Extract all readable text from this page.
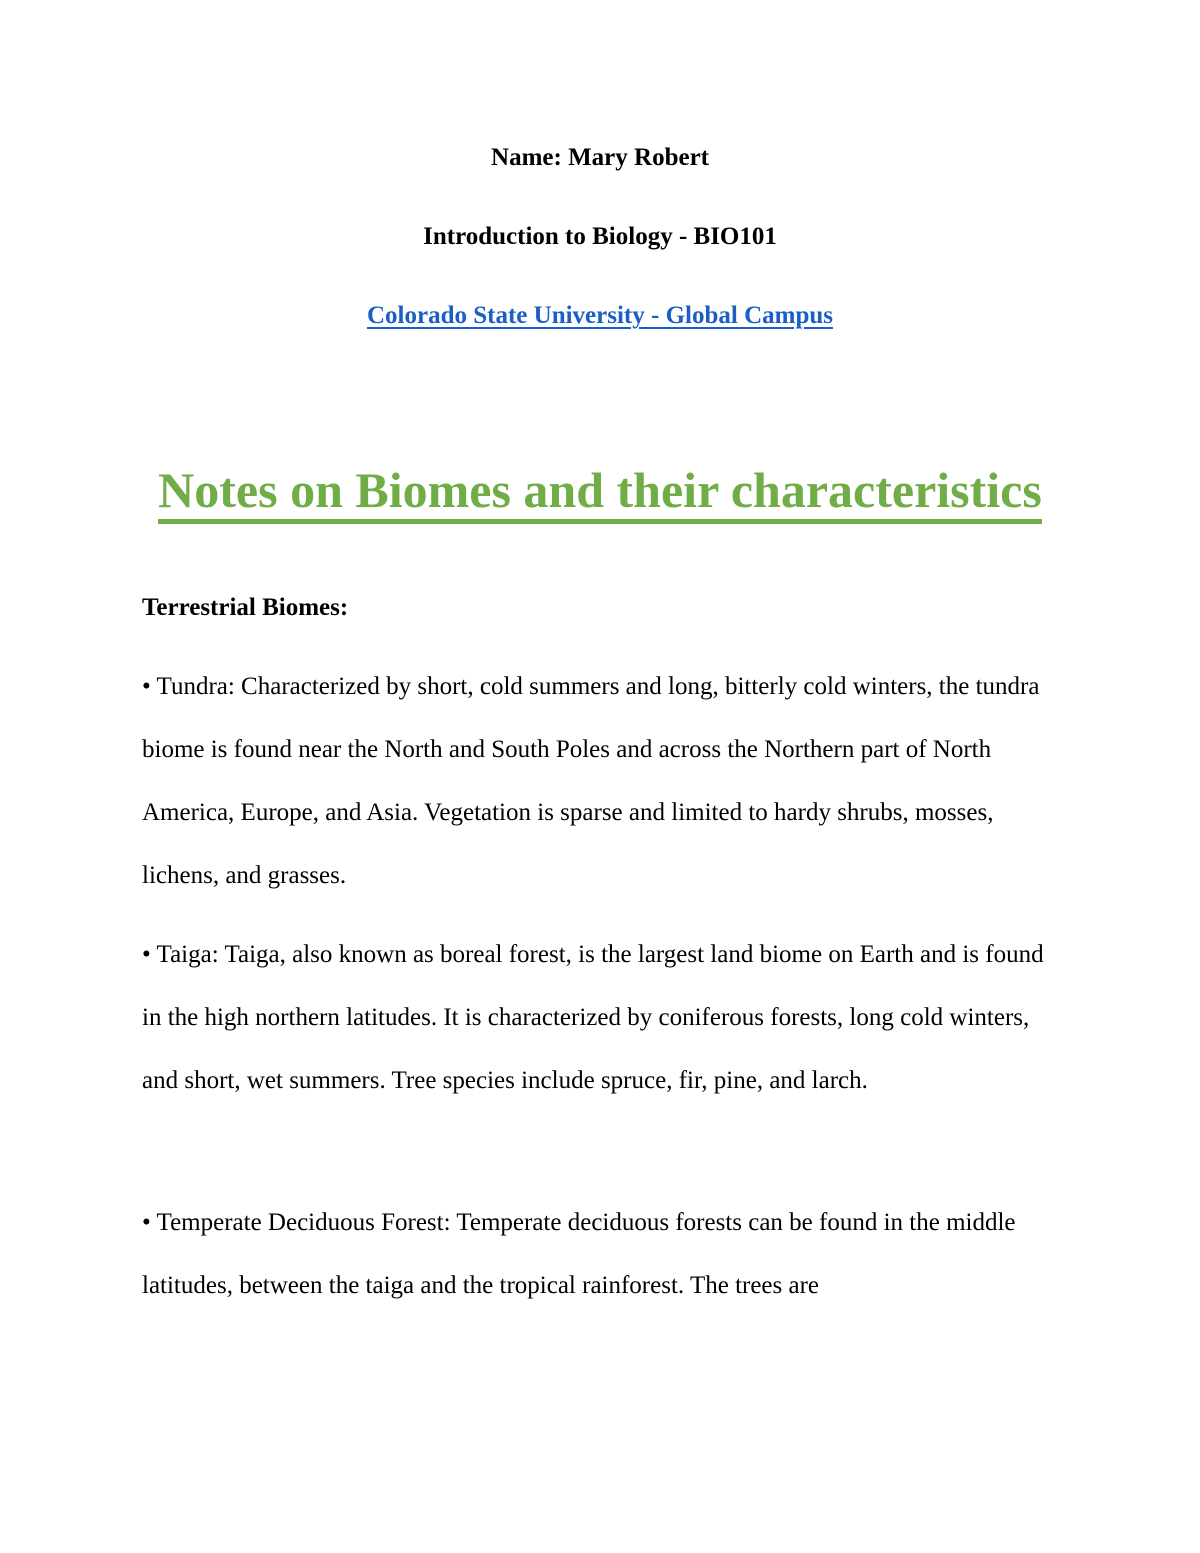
Name: Mary Robert
Introduction to Biology - BIO101
Colorado State University - Global Campus
Notes on Biomes and their characteristics
Terrestrial Biomes:

• Tundra: Characterized by short, cold summers and long, bitterly cold winters, the tundra biome is found near the North and South Poles and across the Northern part of North America, Europe, and Asia. Vegetation is sparse and limited to hardy shrubs, mosses, lichens, and grasses.

• Taiga: Taiga, also known as boreal forest, is the largest land biome on Earth and is found in the high northern latitudes. It is characterized by coniferous forests, long cold winters, and short, wet summers. Tree species include spruce, fir, pine, and larch.

• Temperate Deciduous Forest: Temperate deciduous forests can be found in the middle latitudes, between the taiga and the tropical rainforest. The trees are
